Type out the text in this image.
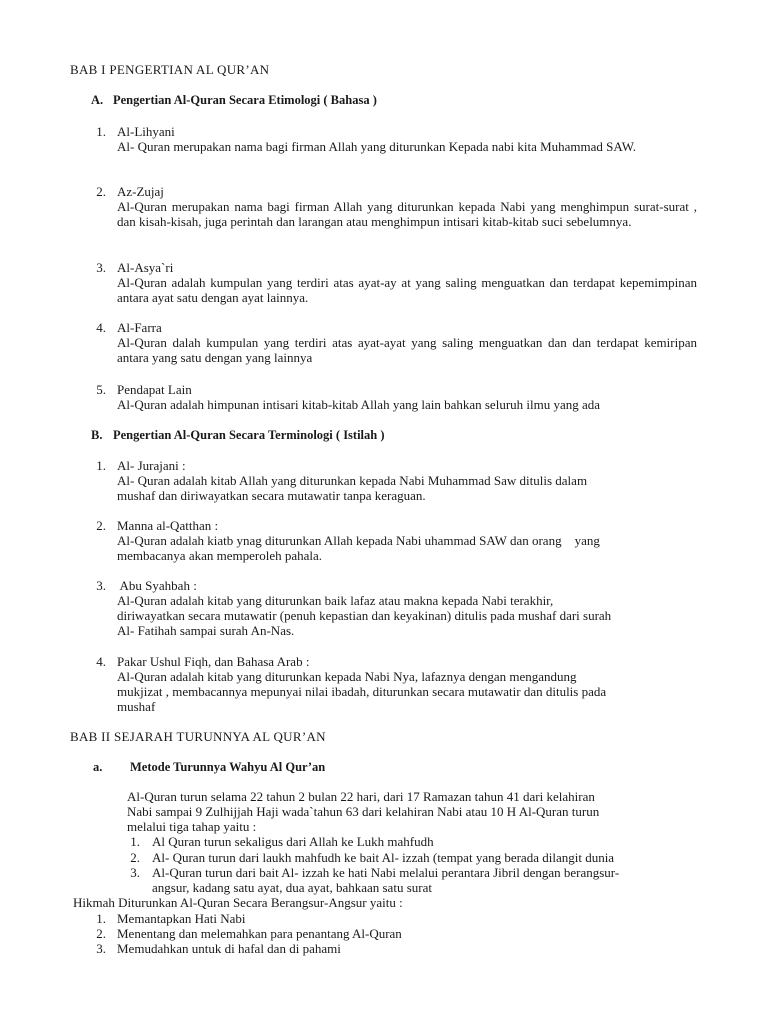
BAB I PENGERTIAN AL QUR’AN
A. Pengertian Al-Quran Secara Etimologi ( Bahasa )
1. Al-Lihyani
Al- Quran merupakan nama bagi firman Allah yang diturunkan Kepada nabi kita Muhammad SAW.
2. Az-Zujaj
Al-Quran merupakan nama bagi firman Allah yang diturunkan kepada Nabi yang menghimpun surat-surat , dan kisah-kisah, juga perintah dan larangan atau menghimpun intisari kitab-kitab suci sebelumnya.
3. Al-Asya`ri
Al-Quran adalah kumpulan yang terdiri atas ayat-ay at yang saling menguatkan dan terdapat kepemimpinan antara ayat satu dengan ayat lainnya.
4. Al-Farra
Al-Quran dalah kumpulan yang terdiri atas ayat-ayat yang saling menguatkan dan dan terdapat kemiripan antara yang satu dengan yang lainnya
5. Pendapat Lain
Al-Quran adalah himpunan intisari kitab-kitab Allah yang lain bahkan seluruh ilmu yang ada
B. Pengertian Al-Quran Secara Terminologi ( Istilah )
1. Al- Jurajani :
Al- Quran adalah kitab Allah yang diturunkan kepada Nabi Muhammad Saw ditulis dalam
mushaf dan diriwayatkan secara mutawatir tanpa keraguan.
2. Manna al-Qatthan :
Al-Quran adalah kiatb ynag diturunkan Allah kepada Nabi uhammad SAW dan orang    yang
membacanya akan memperoleh pahala.
3. Abu Syahbah :
Al-Quran adalah kitab yang diturunkan baik lafaz atau makna kepada Nabi terakhir,
diriwayatkan secara mutawatir (penuh kepastian dan keyakinan) ditulis pada mushaf dari surah
Al- Fatihah sampai surah An-Nas.
4. Pakar Ushul Fiqh, dan Bahasa Arab :
Al-Quran adalah kitab yang diturunkan kepada Nabi Nya, lafaznya dengan mengandung
mukjizat , membacannya mepunyai nilai ibadah, diturunkan secara mutawatir dan ditulis pada
mushaf
BAB II SEJARAH TURUNNYA AL QUR’AN
a. Metode Turunnya Wahyu Al Qur’an
Al-Quran turun selama 22 tahun 2 bulan 22 hari, dari 17 Ramazan tahun 41 dari kelahiran
Nabi sampai 9 Zulhijjah Haji wada`tahun 63 dari kelahiran Nabi atau 10 H Al-Quran turun
melalui tiga tahap yaitu :
1. Al Quran turun sekaligus dari Allah ke Lukh mahfudh
2. Al- Quran turun dari laukh mahfudh ke bait Al- izzah (tempat yang berada dilangit dunia
3. Al-Quran turun dari bait Al- izzah ke hati Nabi melalui perantara Jibril dengan berangsur-
angsur, kadang satu ayat, dua ayat, bahkaan satu surat
Hikmah Diturunkan Al-Quran Secara Berangsur-Angsur yaitu :
1. Memantapkan Hati Nabi
2. Menentang dan melemahkan para penantang Al-Quran
3. Memudahkan untuk di hafal dan di pahami
